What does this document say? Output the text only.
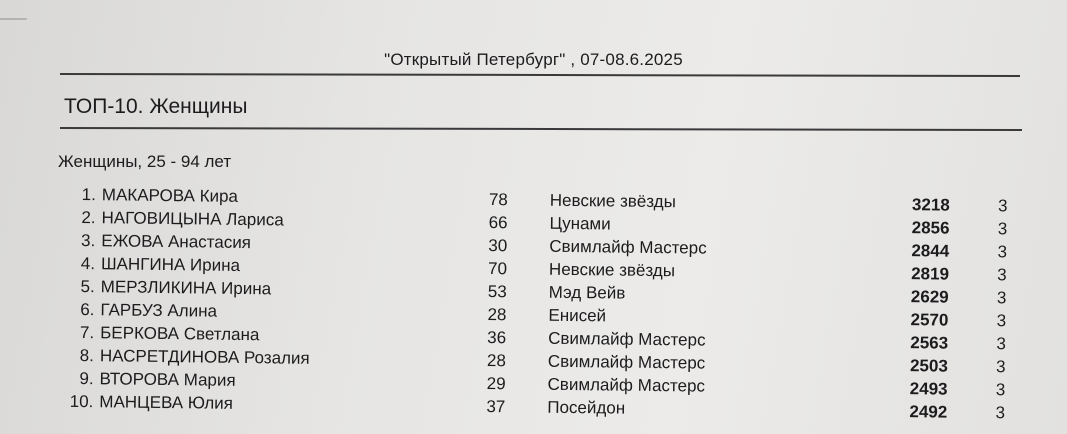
"Открытый Петербург" , 07-08.6.2025
ТОП-10. Женщины
Женщины, 25 - 94 лет
1. МАКАРОВА Кира	78 Невские звёзды	3218	3
2. НАГОВИЦЫНА Лариса	66 Цунами	2856	3
3. ЕЖОВА Анастасия	30 Свимлайф Мастерс	2844	3
4. ШАНГИНА Ирина	70 Невские звёзды	2819	3
5. МЕРЗЛИКИНА Ирина	53 Мэд Вейв	2629	3
6. ГАРБУЗ Алина	28 Енисей	2570	3
7. БЕРКОВА Светлана	36 Свимлайф Мастерс	2563	3
8. НАСРЕТДИНОВА Розалия	28 Свимлайф Мастерс	2503	3
9. ВТОРОВА Мария	29 Свимлайф Мастерс	2493	3
10. МАНЦЕВА Юлия	37 Посейдон	2492	3
